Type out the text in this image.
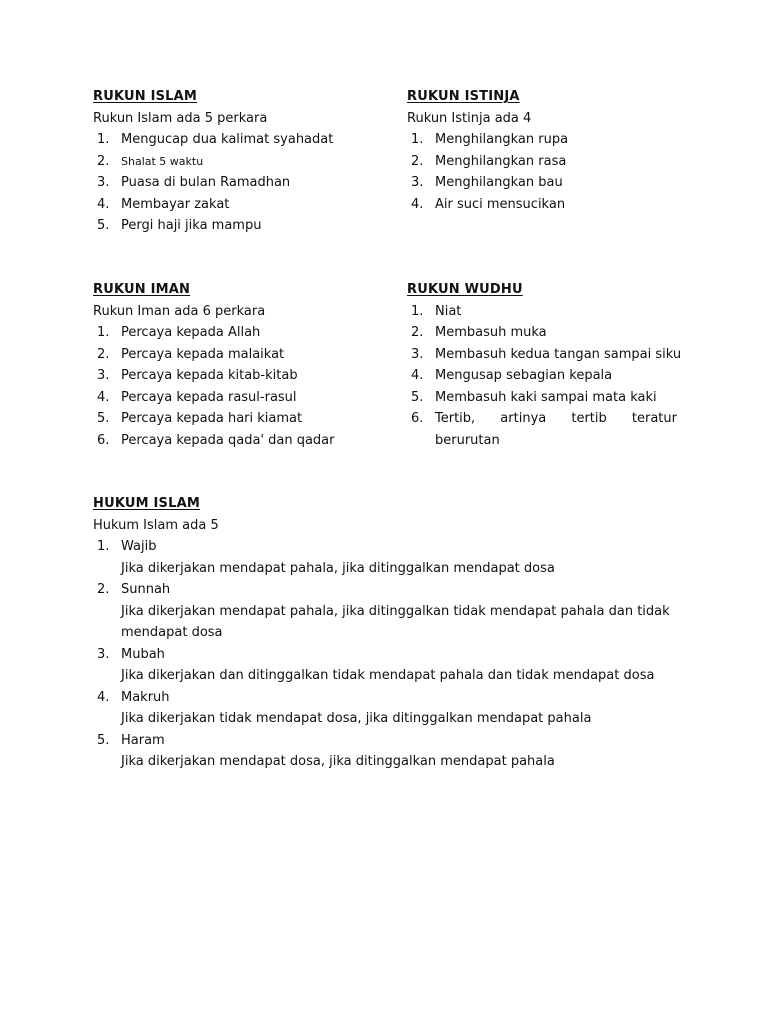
RUKUN ISLAM
Rukun Islam ada 5 perkara
1. Mengucap dua kalimat syahadat
2.	Shalat 5 waktu
3. Puasa di bulan Ramadhan
4. Membayar zakat
5. Pergi haji jika mampu
RUKUN ISTINJA
Rukun Istinja ada 4
1. Menghilangkan rupa
2. Menghilangkan rasa
3. Menghilangkan bau
4. Air suci mensucikan
RUKUN IMAN
Rukun Iman ada 6 perkara
1. Percaya kepada Allah
2. Percaya kepada malaikat
3. Percaya kepada kitab-kitab
4. Percaya kepada rasul-rasul
5. Percaya kepada hari kiamat
6. Percaya kepada qada' dan qadar
RUKUN WUDHU
1. Niat
2. Membasuh muka
3. Membasuh kedua tangan sampai siku
4. Mengusap sebagian kepala
5. Membasuh kaki sampai mata kaki
6. Tertib, artinya tertib teratur berurutan
HUKUM ISLAM
Hukum Islam ada 5
1. Wajib
Jika dikerjakan mendapat pahala, jika ditinggalkan mendapat dosa
2. Sunnah
Jika dikerjakan mendapat pahala, jika ditinggalkan tidak mendapat pahala dan tidak mendapat dosa
3. Mubah
Jika dikerjakan dan ditinggalkan tidak mendapat pahala dan tidak mendapat dosa
4. Makruh
Jika dikerjakan tidak mendapat dosa, jika ditinggalkan mendapat pahala
5. Haram
Jika dikerjakan mendapat dosa, jika ditinggalkan mendapat pahala
